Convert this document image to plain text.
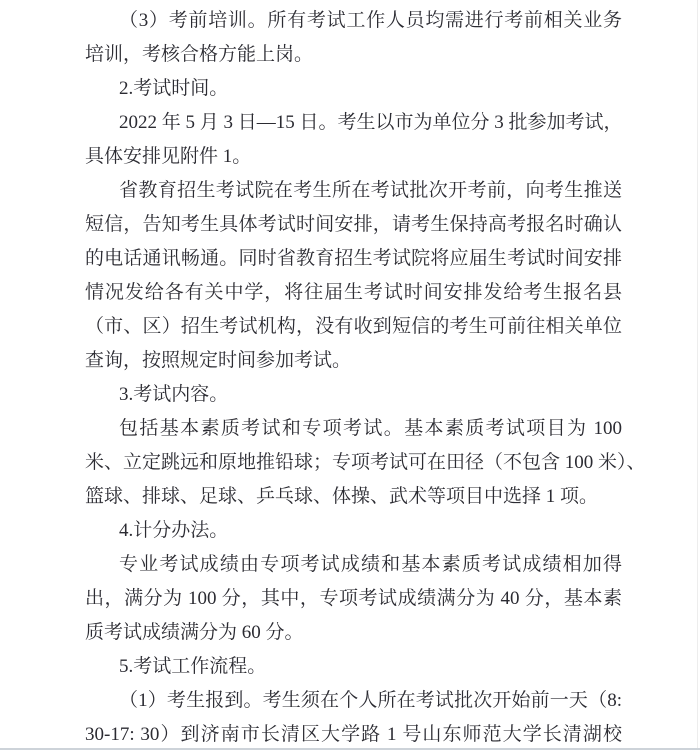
（3）考前培训。所有考试工作人员均需进行考前相关业务
培训，考核合格方能上岗。
2.考试时间。
2022 年 5 月 3 日—15 日。考生以市为单位分 3 批参加考试，
具体安排见附件 1。
省教育招生考试院在考生所在考试批次开考前，向考生推送
短信，告知考生具体考试时间安排，请考生保持高考报名时确认
的电话通讯畅通。同时省教育招生考试院将应届生考试时间安排
情况发给各有关中学，将往届生考试时间安排发给考生报名县
（市、区）招生考试机构，没有收到短信的考生可前往相关单位
查询，按照规定时间参加考试。
3.考试内容。
包括基本素质考试和专项考试。基本素质考试项目为 100
米、立定跳远和原地推铅球；专项考试可在田径（不包含 100 米）、
篮球、排球、足球、乒乓球、体操、武术等项目中选择 1 项。
4.计分办法。
专业考试成绩由专项考试成绩和基本素质考试成绩相加得
出，满分为 100 分，其中，专项考试成绩满分为 40 分，基本素
质考试成绩满分为 60 分。
5.考试工作流程。
（1）考生报到。考生须在个人所在考试批次开始前一天（8:
30-17: 30）到济南市长清区大学路 1 号山东师范大学长清湖校
